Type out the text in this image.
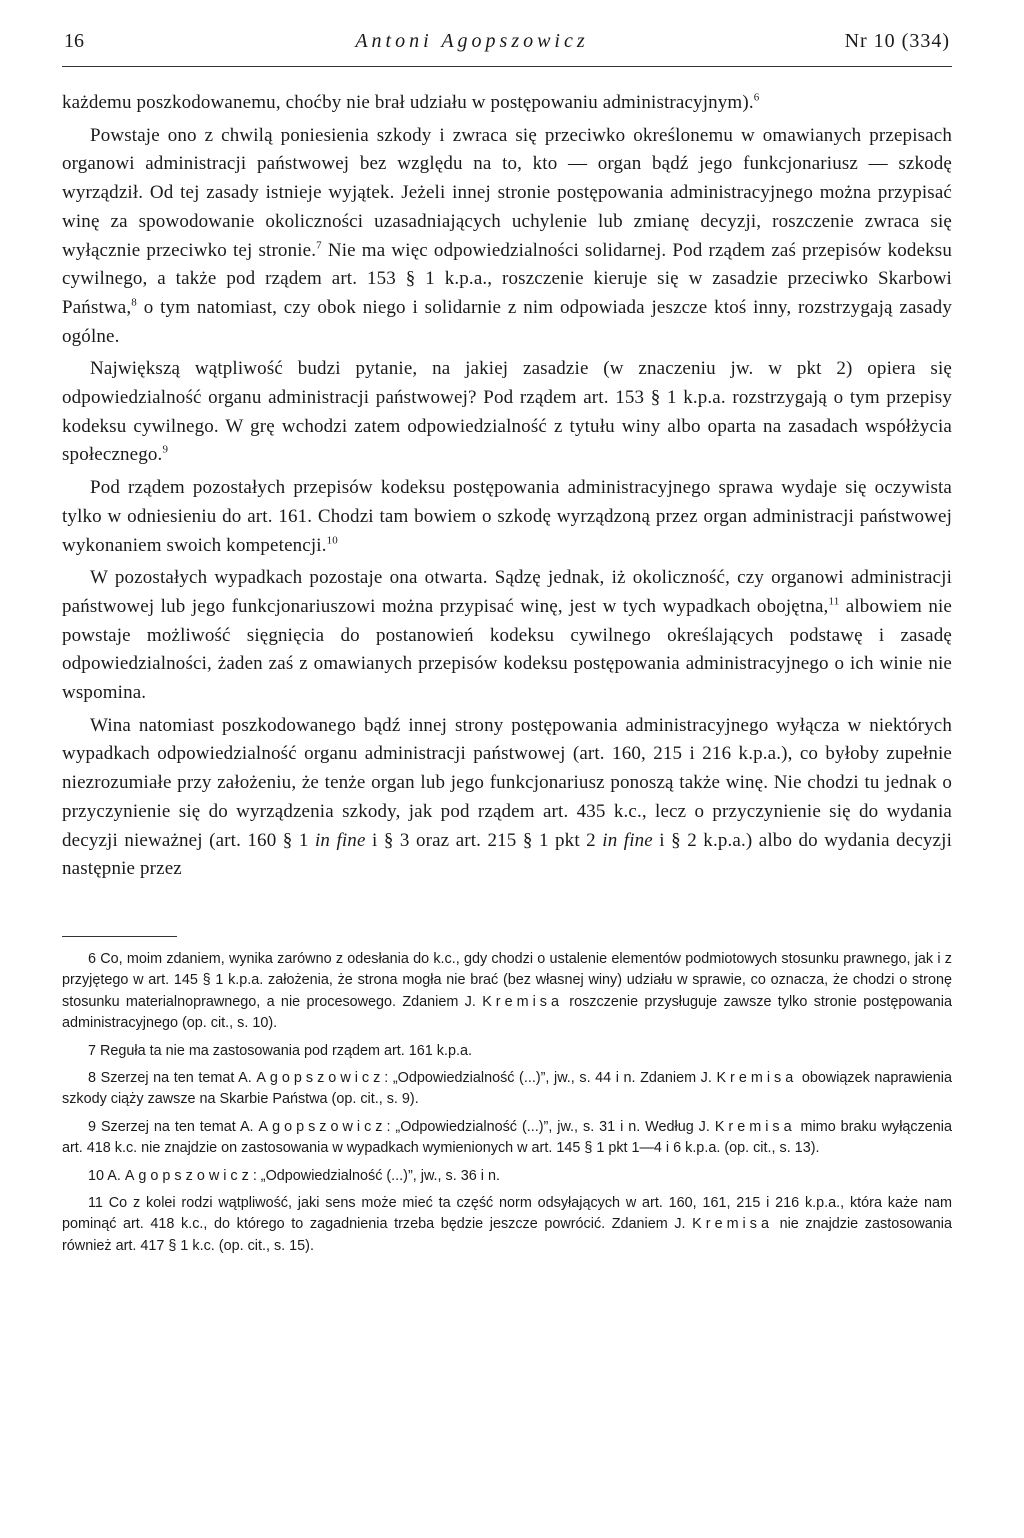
16	Antoni Agopszowicz	Nr 10 (334)

każdemu poszkodowanemu, choćby nie brał udziału w postępowaniu administracyjnym).$^6$

Powstaje ono z chwilą poniesienia szkody i zwraca się przeciwko określonemu w omawianych przepisach organowi administracji państwowej bez względu na to, kto — organ bądź jego funkcjonariusz — szkodę wyrządził. Od tej zasady istnieje wyjątek. Jeżeli innej stronie postępowania administracyjnego można przypisać winę za spowodowanie okoliczności uzasadniających uchylenie lub zmianę decyzji, roszczenie zwraca się wyłącznie przeciwko tej stronie.$^7$ Nie ma więc odpowiedzialności solidarnej. Pod rządem zaś przepisów kodeksu cywilnego, a także pod rządem art. 153 § 1 k.p.a., roszczenie kieruje się w zasadzie przeciwko Skarbowi Państwa,$^8$ o tym natomiast, czy obok niego i solidarnie z nim odpowiada jeszcze ktoś inny, rozstrzygają zasady ogólne.

Największą wątpliwość budzi pytanie, na jakiej zasadzie (w znaczeniu jw. w pkt 2) opiera się odpowiedzialność organu administracji państwowej? Pod rządem art. 153 § 1 k.p.a. rozstrzygają o tym przepisy kodeksu cywilnego. W grę wchodzi zatem odpowiedzialność z tytułu winy albo oparta na zasadach współżycia społecznego.$^9$

Pod rządem pozostałych przepisów kodeksu postępowania administracyjnego sprawa wydaje się oczywista tylko w odniesieniu do art. 161. Chodzi tam bowiem o szkodę wyrządzoną przez organ administracji państwowej wykonaniem swoich kompetencji.$^{10}$

W pozostałych wypadkach pozostaje ona otwarta. Sądzę jednak, iż okoliczność, czy organowi administracji państwowej lub jego funkcjonariuszowi można przypisać winę, jest w tych wypadkach obojętna,$^{11}$ albowiem nie powstaje możliwość sięgnięcia do postanowień kodeksu cywilnego określających podstawę i zasadę odpowiedzialności, żaden zaś z omawianych przepisów kodeksu postępowania administracyjnego o ich winie nie wspomina.

Wina natomiast poszkodowanego bądź innej strony postępowania administracyjnego wyłącza w niektórych wypadkach odpowiedzialność organu administracji państwowej (art. 160, 215 i 216 k.p.a.), co byłoby zupełnie niezrozumiałe przy założeniu, że tenże organ lub jego funkcjonariusz ponoszą także winę. Nie chodzi tu jednak o przyczynienie się do wyrządzenia szkody, jak pod rządem art. 435 k.c., lecz o przyczynienie się do wydania decyzji nieważnej (art. 160 § 1 in fine i § 3 oraz art. 215 § 1 pkt 2 in fine i § 2 k.p.a.) albo do wydania decyzji następnie przez

6 Co, moim zdaniem, wynika zarówno z odesłania do k.c., gdy chodzi o ustalenie elementów podmiotowych stosunku prawnego, jak i z przyjętego w art. 145 § 1 k.p.a. założenia, że strona mogła nie brać (bez własnej winy) udziału w sprawie, co oznacza, że chodzi o stronę stosunku materialnoprawnego, a nie procesowego. Zdaniem J. Kremisa roszczenie przysługuje zawsze tylko stronie postępowania administracyjnego (op. cit., s. 10).

7 Reguła ta nie ma zastosowania pod rządem art. 161 k.p.a.

8 Szerzej na ten temat A. Agopszowicz: „Odpowiedzialność (...)”, jw., s. 44 i n. Zdaniem J. Kremisa obowiązek naprawienia szkody ciąży zawsze na Skarbie Państwa (op. cit., s. 9).

9 Szerzej na ten temat A. Agopszowicz: „Odpowiedzialność (...)”, jw., s. 31 i n. Według J. Kremisa mimo braku wyłączenia art. 418 k.c. nie znajdzie on zastosowania w wypadkach wymienionych w art. 145 § 1 pkt 1—4 i 6 k.p.a. (op. cit., s. 13).

10 A. Agopszowicz: „Odpowiedzialność (...)”, jw., s. 36 i n.

11 Co z kolei rodzi wątpliwość, jaki sens może mieć ta część norm odsyłających w art. 160, 161, 215 i 216 k.p.a., która każe nam pominąć art. 418 k.c., do którego to zagadnienia trzeba będzie jeszcze powrócić. Zdaniem J. Kremisa nie znajdzie zastosowania również art. 417 § 1 k.c. (op. cit., s. 15).
